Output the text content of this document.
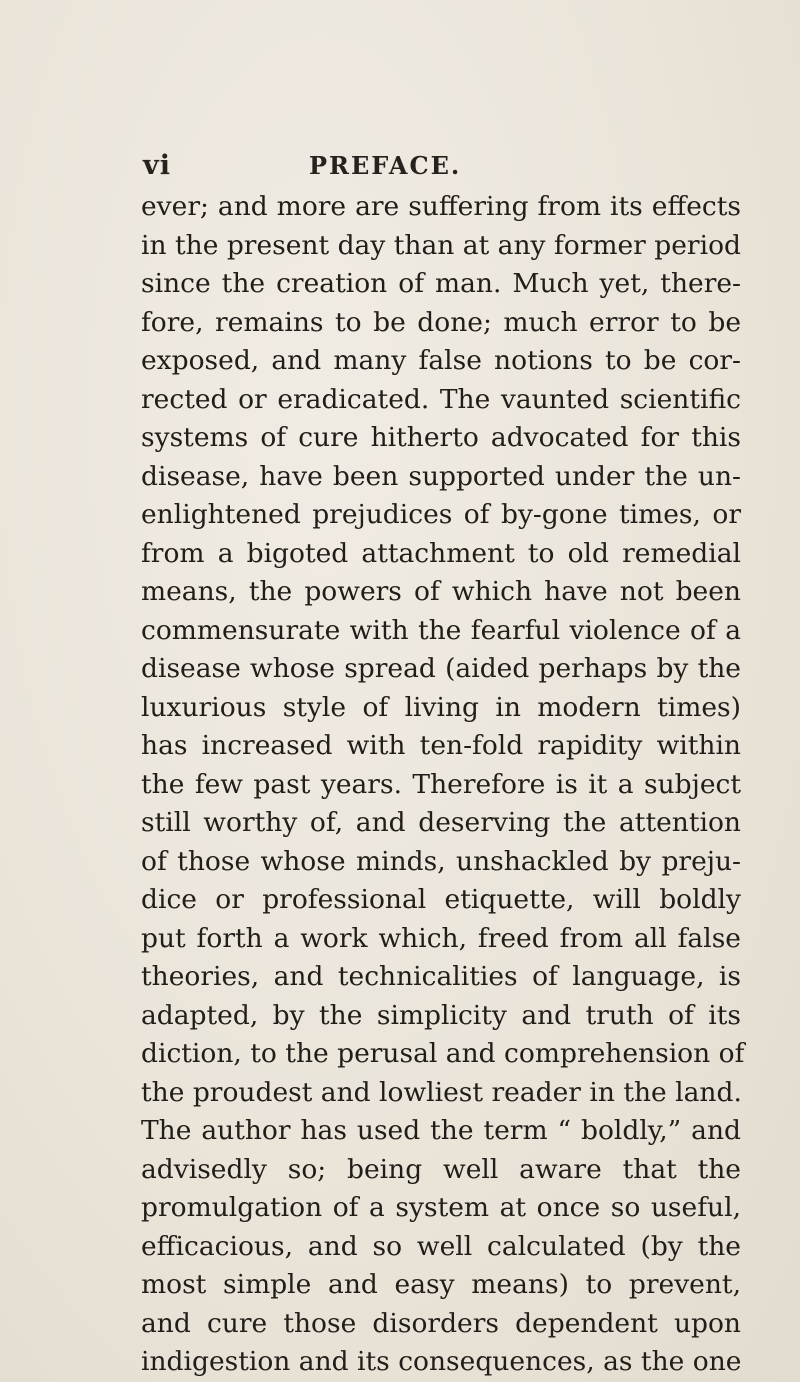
vi	PREFACE.
ever; and more are suffering from its effects
in the present day than at any former period
since the creation of man. Much yet, there-
fore, remains to be done; much error to be
exposed, and many false notions to be cor-
rected or eradicated. The vaunted scientific
systems of cure hitherto advocated for this
disease, have been supported under the un-
enlightened prejudices of by-gone times, or
from a bigoted attachment to old remedial
means, the powers of which have not been
commensurate with the fearful violence of a
disease whose spread (aided perhaps by the
luxurious style of living in modern times)
has increased with ten-fold rapidity within
the few past years. Therefore is it a subject
still worthy of, and deserving the attention
of those whose minds, unshackled by preju-
dice or professional etiquette, will boldly
put forth a work which, freed from all false
theories, and technicalities of language, is
adapted, by the simplicity and truth of its
diction, to the perusal and comprehension of
the proudest and lowliest reader in the land.
The author has used the term “ boldly,” and
advisedly so; being well aware that the
promulgation of a system at once so useful,
efficacious, and so well calculated (by the
most simple and easy means) to prevent,
and cure those disorders dependent upon
indigestion and its consequences, as the one
